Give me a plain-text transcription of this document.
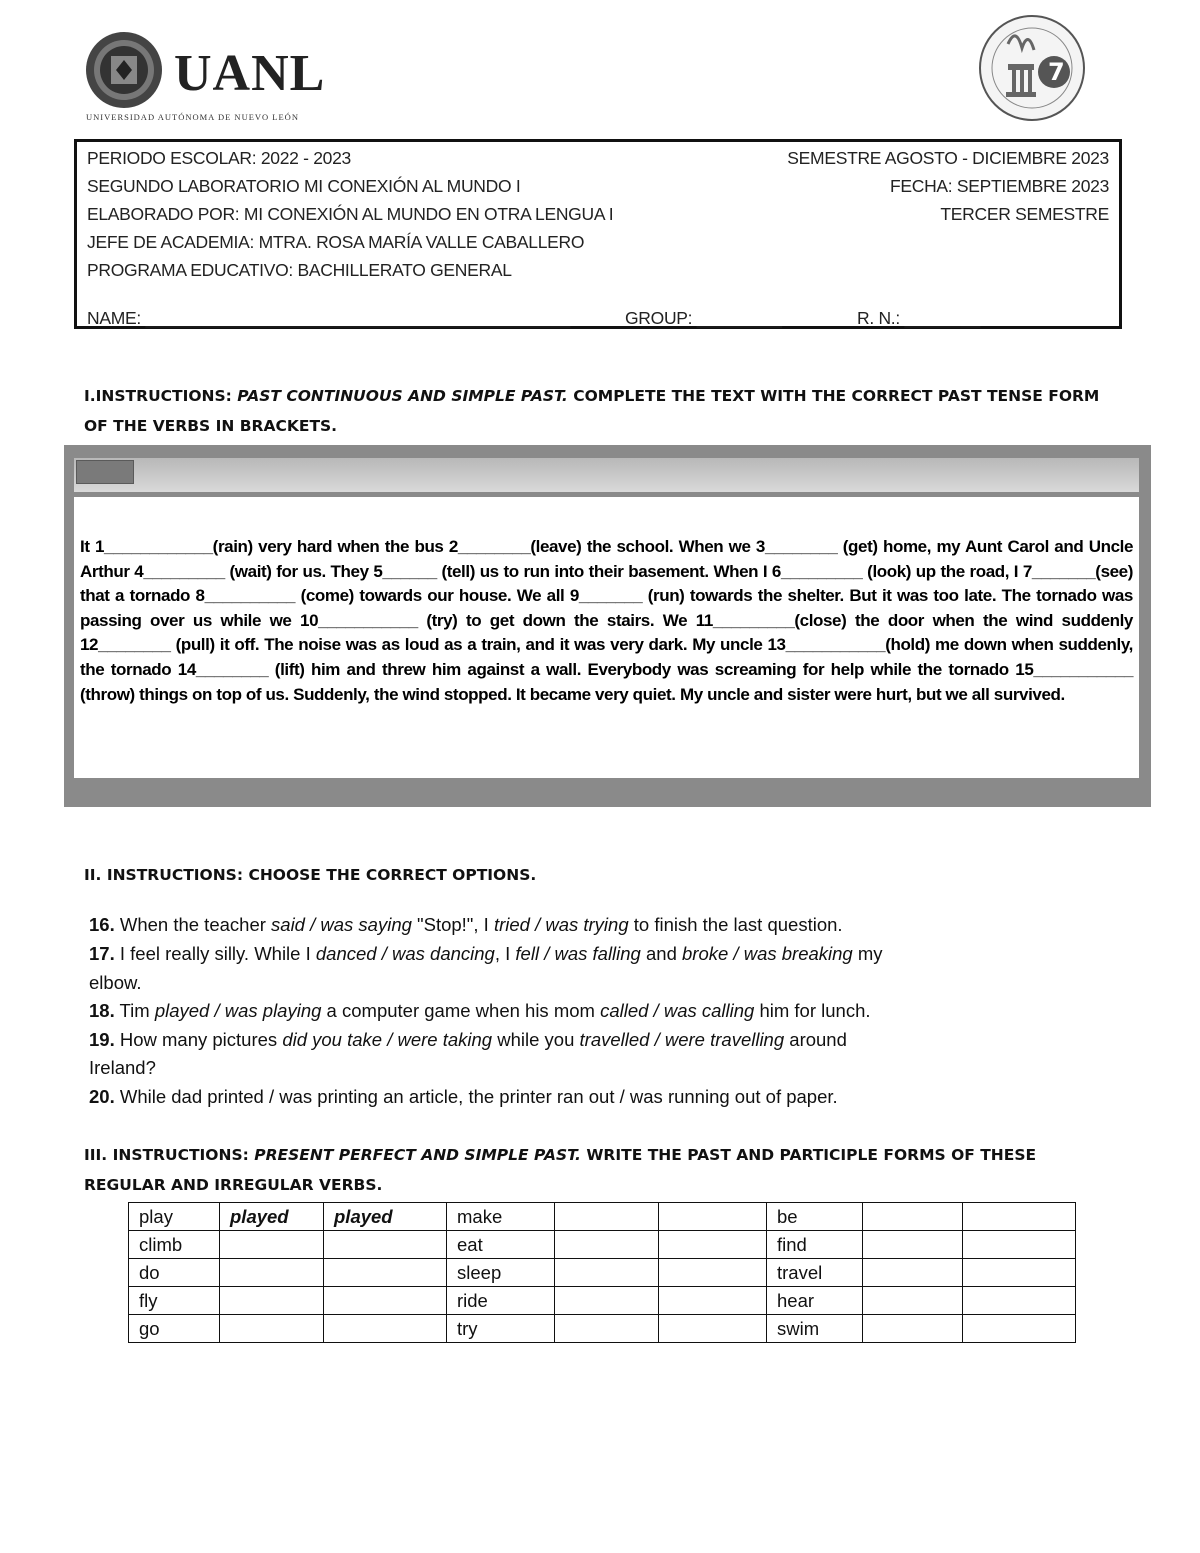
UANL
UNIVERSIDAD AUTÓNOMA DE NUEVO LEÓN
7
PERIODO ESCOLAR: 2022 - 2023	SEMESTRE AGOSTO - DICIEMBRE 2023
SEGUNDO LABORATORIO MI CONEXIÓN AL MUNDO I	FECHA: SEPTIEMBRE 2023
ELABORADO POR: MI CONEXIÓN AL MUNDO EN OTRA LENGUA I	TERCER SEMESTRE
JEFE DE ACADEMIA: MTRA. ROSA MARÍA VALLE CABALLERO
PROGRAMA EDUCATIVO: BACHILLERATO GENERAL
NAME: _____________________________________________	GROUP: _________	R. N.: ________
I.INSTRUCTIONS: PAST CONTINUOUS AND SIMPLE PAST. COMPLETE THE TEXT WITH THE CORRECT PAST TENSE FORM OF THE VERBS IN BRACKETS.

It 1____________(rain) very hard when the bus 2________(leave) the school. When we 3________ (get) home, my Aunt Carol and Uncle Arthur 4_________ (wait) for us. They 5______ (tell) us to run into their basement. When I 6_________ (look) up the road, I 7_______(see) that a tornado 8__________ (come) towards our house. We all 9_______ (run) towards the shelter. But it was too late. The tornado was passing over us while we 10___________ (try) to get down the stairs. We 11_________(close) the door when the wind suddenly 12________ (pull) it off. The noise was as loud as a train, and it was very dark. My uncle 13___________(hold) me down when suddenly, the tornado 14________ (lift) him and threw him against a wall. Everybody was screaming for help while the tornado 15___________ (throw) things on top of us. Suddenly, the wind stopped. It became very quiet. My uncle and sister were hurt, but we all survived.

II. INSTRUCTIONS: CHOOSE THE CORRECT OPTIONS.
16. When the teacher said / was saying "Stop!", I tried / was trying to finish the last question.
17. I feel really silly. While I danced / was dancing, I fell / was falling and broke / was breaking my
elbow.
18. Tim played / was playing a computer game when his mom called / was calling him for lunch.
19. How many pictures did you take / were taking while you travelled / were travelling around
Ireland?
20. While dad printed / was printing an article, the printer ran out / was running out of paper.
III. INSTRUCTIONS: PRESENT PERFECT AND SIMPLE PAST. WRITE THE PAST AND PARTICIPLE FORMS OF THESE REGULAR AND IRREGULAR VERBS.
play	played	played	make			be		
climb			eat			find		
do			sleep			travel		
fly			ride			hear		
go			try			swim		
